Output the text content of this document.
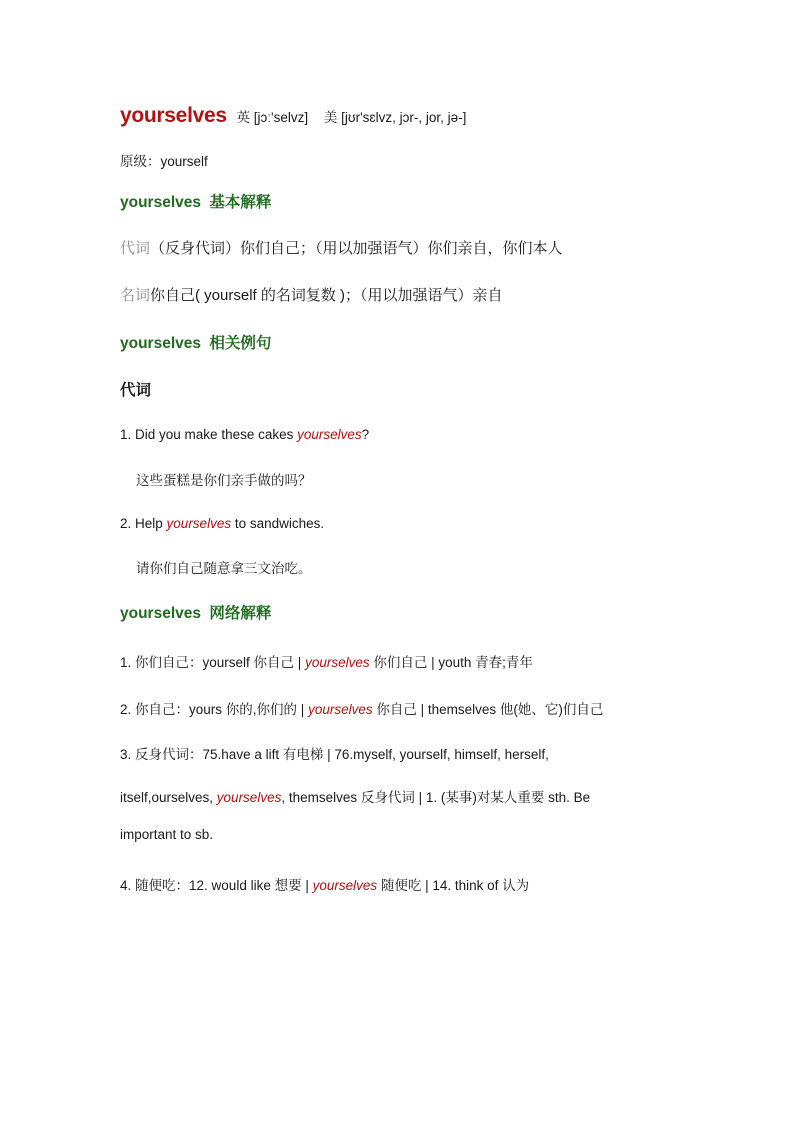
yourselves 英 [jɔː'selvz] 美 [jʊr'sɛlvz, jɔr-, jor, jə-]
原级：yourself
yourselves 基本解释
代词（反身代词）你们自己；（用以加强语气）你们亲自，你们本人
名词你自己( yourself 的名词复数 )；（用以加强语气）亲自
yourselves 相关例句
代词
1. Did you make these cakes yourselves?
这些蛋糕是你们亲手做的吗？
2. Help yourselves to sandwiches.
请你们自己随意拿三文治吃。
yourselves 网络解释
1. 你们自己：yourself 你自己 | yourselves 你们自己 | youth 青春;青年
2. 你自己：yours 你的,你们的 | yourselves 你自己 | themselves 他(她、它)们自己
3. 反身代词：75.have a lift 有电梯 | 76.myself, yourself, himself, herself,
itself,ourselves, yourselves, themselves 反身代词 | 1. (某事)对某人重要 sth. Be
important to sb.
4. 随便吃：12. would like 想要 | yourselves 随便吃 | 14. think of 认为
